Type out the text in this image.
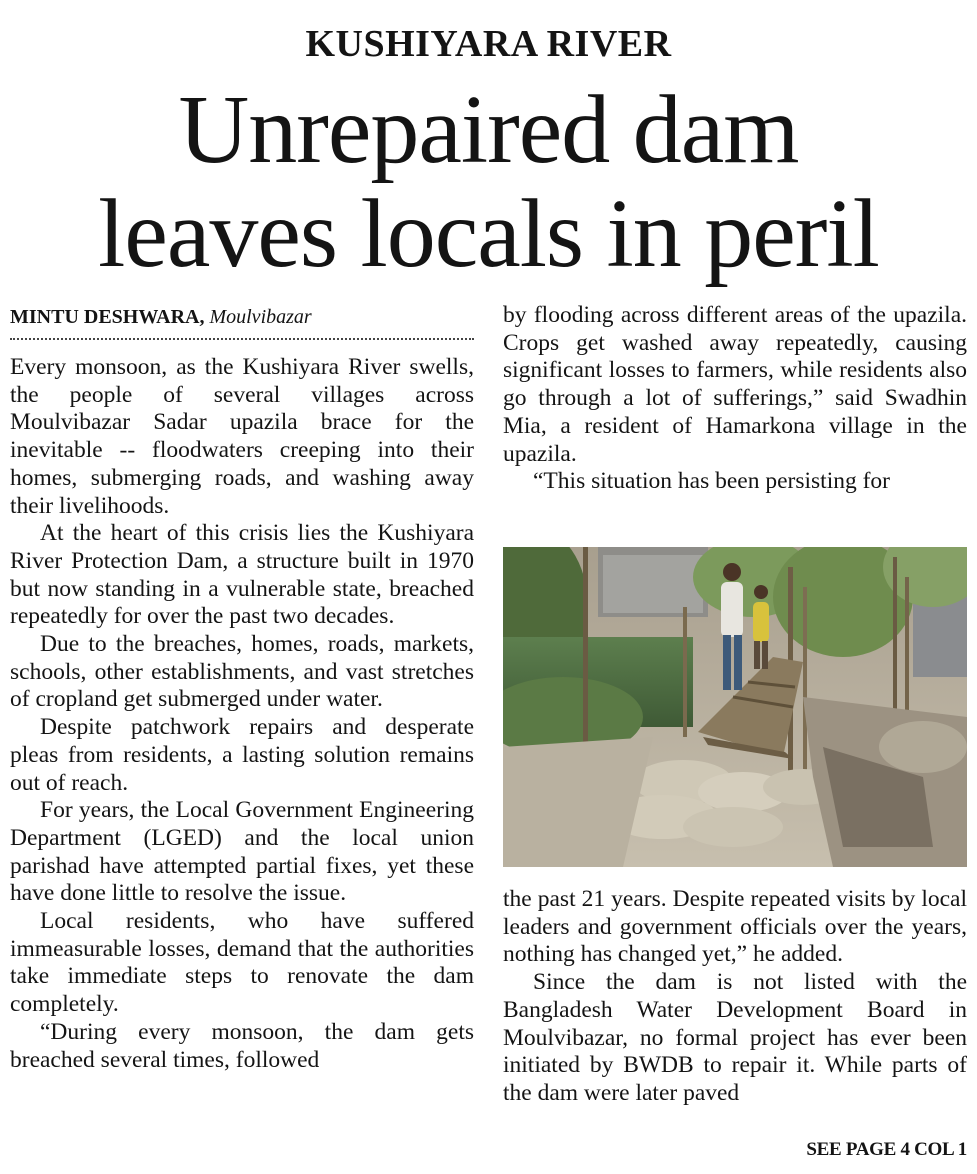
KUSHIYARA RIVER
Unrepaired dam
leaves locals in peril
MINTU DESHWARA, Moulvibazar

Every monsoon, as the Kushiyara River swells, the people of several villages across Moulvibazar Sadar upazila brace for the inevitable -- floodwaters creeping into their homes, submerging roads, and washing away their livelihoods.

At the heart of this crisis lies the Kushiyara River Protection Dam, a structure built in 1970 but now standing in a vulnerable state, breached repeatedly for over the past two decades.

Due to the breaches, homes, roads, markets, schools, other establishments, and vast stretches of cropland get submerged under water.

Despite patchwork repairs and desperate pleas from residents, a lasting solution remains out of reach.

For years, the Local Government Engineering Department (LGED) and the local union parishad have attempted partial fixes, yet these have done little to resolve the issue.

Local residents, who have suffered immeasurable losses, demand that the authorities take immediate steps to renovate the dam completely.

“During every monsoon, the dam gets breached several times, followed

by flooding across different areas of the upazila. Crops get washed away repeatedly, causing significant losses to farmers, while residents also go through a lot of sufferings,” said Swadhin Mia, a resident of Hamarkona village in the upazila.

“This situation has been persisting for

the past 21 years. Despite repeated visits by local leaders and government officials over the years, nothing has changed yet,” he added.

Since the dam is not listed with the Bangladesh Water Development Board in Moulvibazar, no formal project has ever been initiated by BWDB to repair it. While parts of the dam were later paved

SEE PAGE 4 COL 1
